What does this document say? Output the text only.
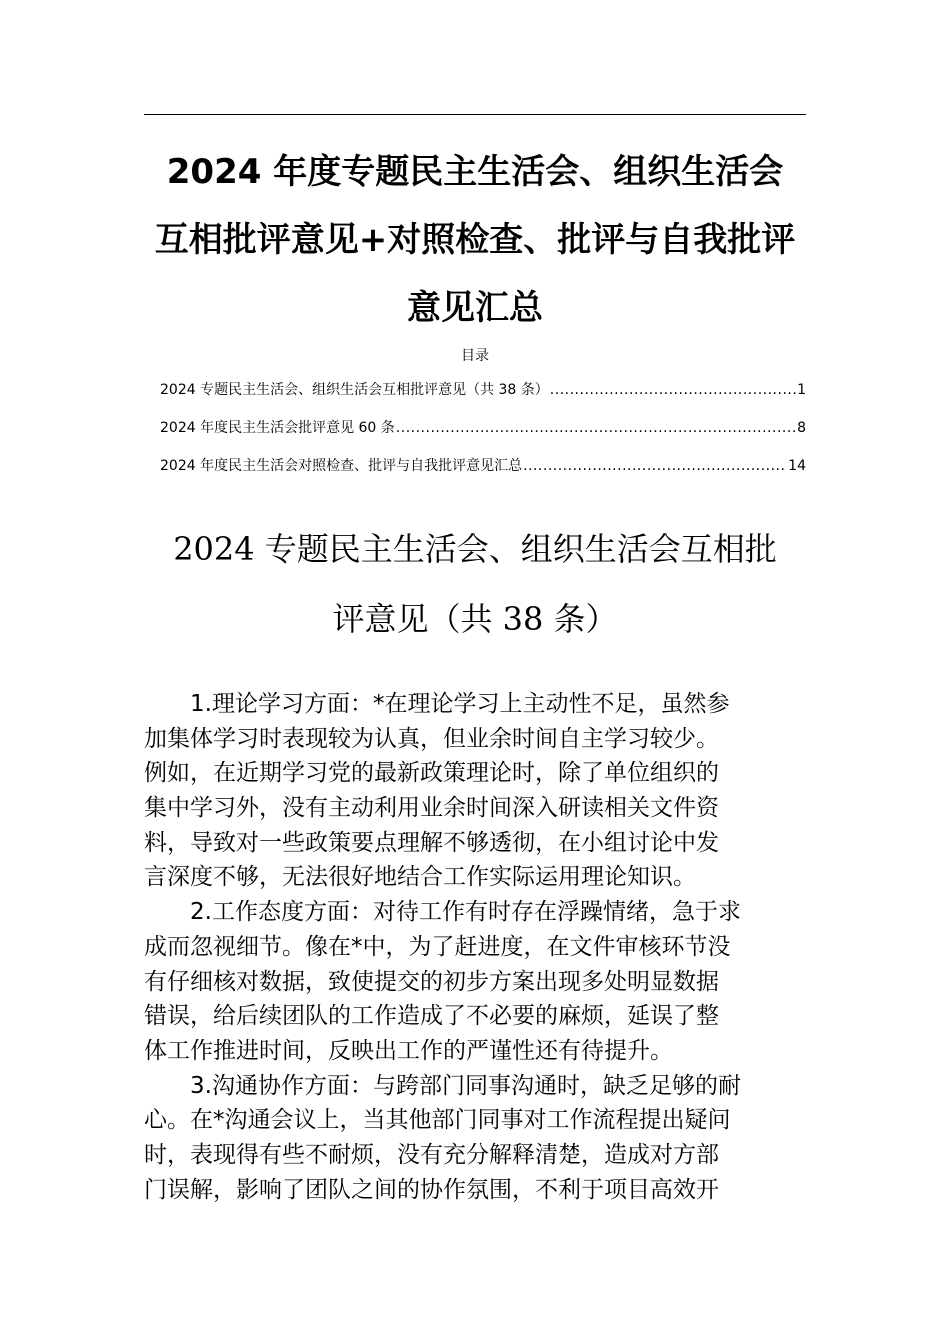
2024 年度专题民主生活会、组织生活会
互相批评意见+对照检查、批评与自我批评
意见汇总
目录
2024 专题民主生活会、组织生活会互相批评意见（共 38 条） .....	1
2024 年度民主生活会批评意见 60 条 .....	8
2024 年度民主生活会对照检查、批评与自我批评意见汇总 .....	14
2024 专题民主生活会、组织生活会互相批
评意见（共 38 条）
1.理论学习方面：*在理论学习上主动性不足，虽然参
加集体学习时表现较为认真，但业余时间自主学习较少。
例如，在近期学习党的最新政策理论时，除了单位组织的
集中学习外，没有主动利用业余时间深入研读相关文件资
料，导致对一些政策要点理解不够透彻，在小组讨论中发
言深度不够，无法很好地结合工作实际运用理论知识。
2.工作态度方面：对待工作有时存在浮躁情绪，急于求
成而忽视细节。像在*中，为了赶进度，在文件审核环节没
有仔细核对数据，致使提交的初步方案出现多处明显数据
错误，给后续团队的工作造成了不必要的麻烦，延误了整
体工作推进时间，反映出工作的严谨性还有待提升。
3.沟通协作方面：与跨部门同事沟通时，缺乏足够的耐
心。在*沟通会议上，当其他部门同事对工作流程提出疑问
时，表现得有些不耐烦，没有充分解释清楚，造成对方部
门误解，影响了团队之间的协作氛围，不利于项目高效开
